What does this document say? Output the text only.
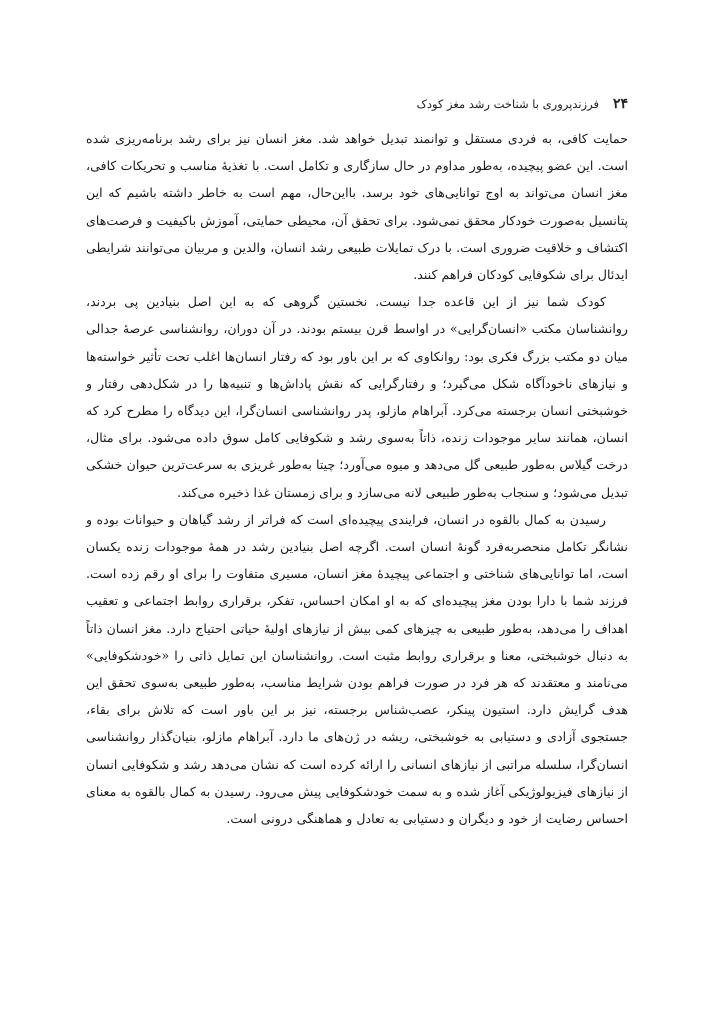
۲۴
فرزندپروری با شناخت رشد مغز کودک

حمایت کافی، به فردی مستقل و توانمند تبدیل خواهد شد. مغز انسان نیز برای رشد برنامه‌ریزی شده است. این عضو پیچیده، به‌طور مداوم در حال سازگاری و تکامل است. با تغذیهٔ مناسب و تحریکات کافی، مغز انسان می‌تواند به اوج توانایی‌های خود برسد. بااین‌حال، مهم است به خاطر داشته باشیم که این پتانسیل به‌صورت خودکار محقق نمی‌شود. برای تحقق آن، محیطی حمایتی، آموزش باکیفیت و فرصت‌های اکتشاف و خلاقیت ضروری است. با درک تمایلات طبیعی رشد انسان، والدین و مربیان می‌توانند شرایطی ایدئال برای شکوفایی کودکان فراهم کنند.

کودک شما نیز از این قاعده جدا نیست. نخستین گروهی که به این اصل بنیادین پی بردند، روانشناسان مکتب «انسان‌گرایی» در اواسط قرن بیستم بودند. در آن دوران، روانشناسی عرصهٔ جدالی میان دو مکتب بزرگ فکری بود: روانکاوی که بر این باور بود که رفتار انسان‌ها اغلب تحت تأثیر خواسته‌ها و نیازهای ناخودآگاه شکل می‌گیرد؛ و رفتارگرایی که نقش پاداش‌ها و تنبیه‌ها را در شکل‌دهی رفتار و خوشبختی انسان برجسته می‌کرد. آبراهام مازلو، پدر روانشناسی انسان‌گرا، این دیدگاه را مطرح کرد که انسان، همانند سایر موجودات زنده، ذاتاً به‌سوی رشد و شکوفایی کامل سوق داده می‌شود. برای مثال، درخت گیلاس به‌طور طبیعی گل می‌دهد و میوه می‌آورد؛ چیتا به‌طور غریزی به سرعت‌ترین حیوان خشکی تبدیل می‌شود؛ و سنجاب به‌طور طبیعی لانه می‌سازد و برای زمستان غذا ذخیره می‌کند.

رسیدن به کمال بالقوه در انسان، فرایندی پیچیده‌ای است که فراتر از رشد گیاهان و حیوانات بوده و نشانگر تکامل منحصربه‌فرد گونهٔ انسان است. اگرچه اصل بنیادین رشد در همهٔ موجودات زنده یکسان است، اما توانایی‌های شناختی و اجتماعی پیچیدهٔ مغز انسان، مسیری متفاوت را برای او رقم زده است. فرزند شما با دارا بودن مغز پیچیده‌ای که به او امکان احساس، تفکر، برقراری روابط اجتماعی و تعقیب اهداف را می‌دهد، به‌طور طبیعی به چیزهای کمی بیش از نیازهای اولیهٔ حیاتی احتیاج دارد. مغز انسان ذاتاً به دنبال خوشبختی، معنا و برقراری روابط مثبت است. روانشناسان این تمایل ذاتی را «خودشکوفایی» می‌نامند و معتقدند که هر فرد در صورت فراهم بودن شرایط مناسب، به‌طور طبیعی به‌سوی تحقق این هدف گرایش دارد. استیون پینکر، عصب‌شناس برجسته، نیز بر این باور است که تلاش برای بقاء، جستجوی آزادی و دستیابی به خوشبختی، ریشه در ژن‌های ما دارد. آبراهام مازلو، بنیان‌گذار روانشناسی انسان‌گرا، سلسله مراتبی از نیازهای انسانی را ارائه کرده است که نشان می‌دهد رشد و شکوفایی انسان از نیازهای فیزیولوژیکی آغاز شده و به سمت خودشکوفایی پیش می‌رود. رسیدن به کمال بالقوه به معنای احساس رضایت از خود و دیگران و دستیابی به تعادل و هماهنگی درونی است.
